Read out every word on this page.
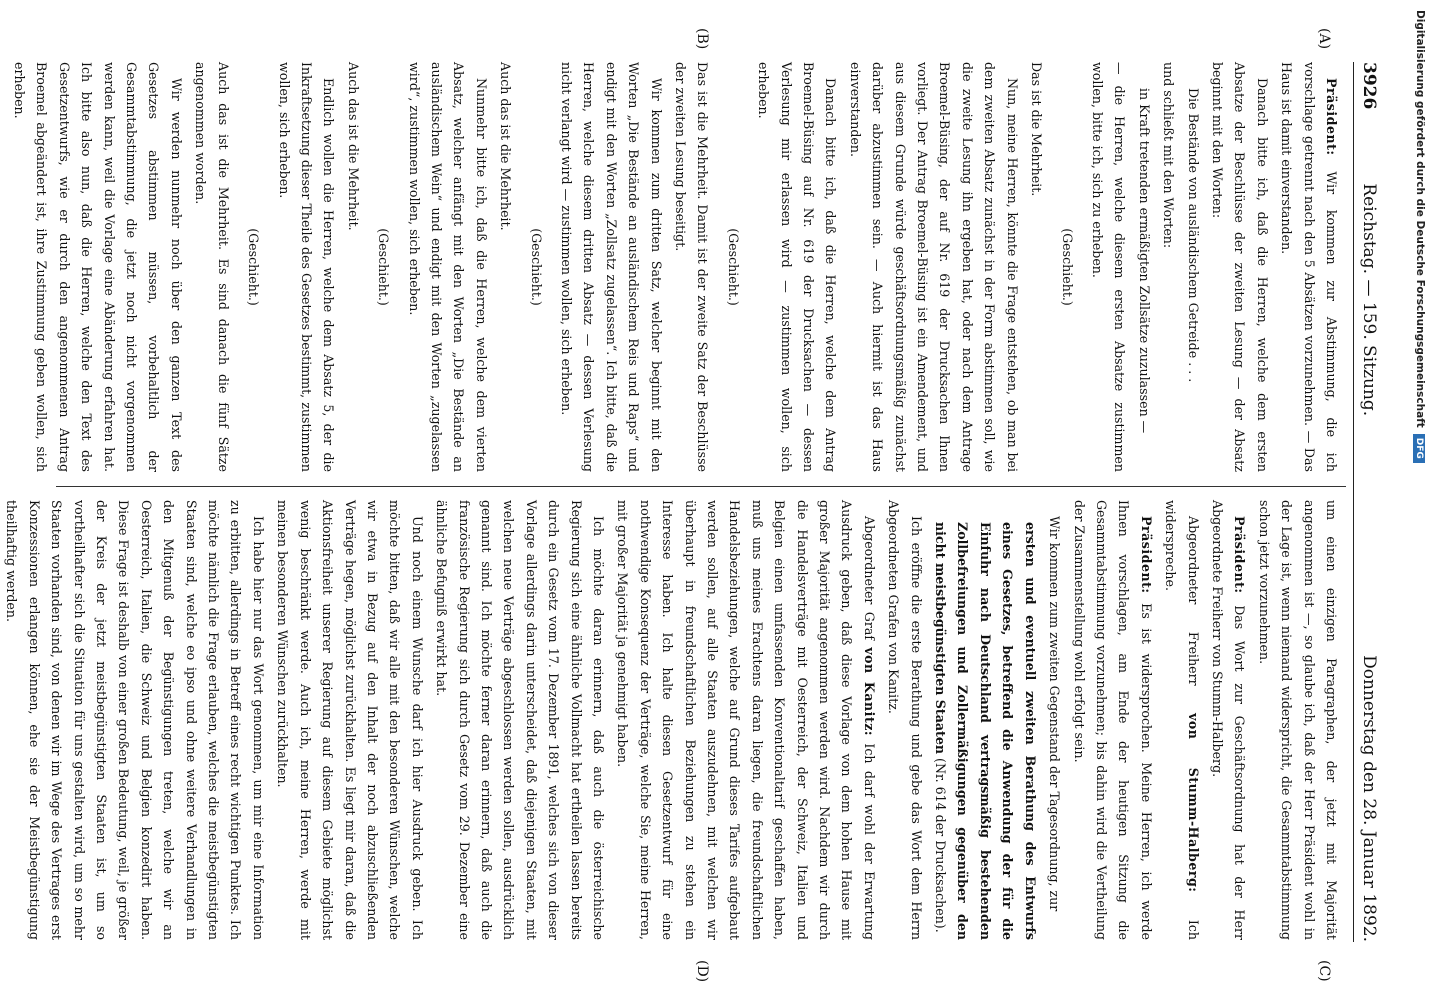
3926
Reichstag. — 159. Sitzung.
Donnerstag den 28. Januar 1892.
(A)
(B)
(C)
(D)

Präsident: Wir kommen zur Abstimmung, die ich vorschlage getrennt nach den 5 Absätzen vorzunehmen. — Das Haus ist damit einverstanden.

Danach bitte ich, daß die Herren, welche dem ersten Absatze der Beschlüsse der zweiten Lesung — der Absatz beginnt mit den Worten:

Die Bestände von ausländischem Getreide . . .

und schließt mit den Worten:

in Kraft tretenden ermäßigten Zollsätze zuzulassen —

— die Herren, welche diesem ersten Absatze zustimmen wollen, bitte ich, sich zu erheben.

(Geschieht.)

Das ist die Mehrheit.

Nun, meine Herren, könnte die Frage entstehen, ob man bei dem zweiten Absatz zunächst in der Form abstimmen soll, wie die zweite Lesung ihn ergeben hat, oder nach dem Antrage Broemel-Büsing, der auf Nr. 619 der Drucksachen Ihnen vorliegt. Der Antrag Broemel-Büsing ist ein Amendement, und aus diesem Grunde würde geschäftsordnungsmäßig zunächst darüber abzustimmen sein. — Auch hiermit ist das Haus einverstanden.

Danach bitte ich, daß die Herren, welche dem Antrag Broemel-Büsing auf Nr. 619 der Drucksachen — dessen Verlesung mir erlassen wird — zustimmen wollen, sich erheben.

(Geschieht.)

Das ist die Mehrheit. Damit ist der zweite Satz der Beschlüsse der zweiten Lesung beseitigt.

Wir kommen zum dritten Satz, welcher beginnt mit den Worten „Die Bestände an ausländischem Reis und Raps“ und endigt mit den Worten „Zollsatz zugelassen“. Ich bitte, daß die Herren, welche diesem dritten Absatz — dessen Verlesung nicht verlangt wird — zustimmen wollen, sich erheben.

(Geschieht.)

Auch das ist die Mehrheit.

Nunmehr bitte ich, daß die Herren, welche dem vierten Absatz, welcher anfängt mit den Worten „Die Bestände an ausländischem Wein“ und endigt mit den Worten „zugelassen wird“, zustimmen wollen, sich erheben.

(Geschieht.)

Auch das ist die Mehrheit.

Endlich wollen die Herren, welche dem Absatz 5, der die Inkraftsetzung dieser Theile des Gesetzes bestimmt, zustimmen wollen, sich erheben.

(Geschieht.)

Auch das ist die Mehrheit. Es sind danach die fünf Sätze angenommen worden.

Wir werden nunmehr noch über den ganzen Text des Gesetzes abstimmen müssen, vorbehaltlich der Gesammtabstimmung, die jetzt noch nicht vorgenommen werden kann, weil die Vorlage eine Abänderung erfahren hat. Ich bitte also nun, daß die Herren, welche den Text des Gesetzentwurfs, wie er durch den angenommenen Antrag Broemel abgeändert ist, ihre Zustimmung geben wollen, sich erheben.

um einen einzigen Paragraphen, der jetzt mit Majorität angenommen ist —, so glaube ich, daß der Herr Präsident wohl in der Lage ist, wenn niemand widerspricht, die Gesammtabstimmung schon jetzt vorzunehmen.

Präsident: Das Wort zur Geschäftsordnung hat der Herr Abgeordnete Freiherr von Stumm-Halberg.

Abgeordneter Freiherr von Stumm-Halberg: Ich widerspreche.

Präsident: Es ist widersprochen. Meine Herren, ich werde Ihnen vorschlagen, am Ende der heutigen Sitzung die Gesammtabstimmung vorzunehmen; bis dahin wird die Vertheilung der Zusammenstellung wohl erfolgt sein.

Wir kommen zum zweiten Gegenstand der Tagesordnung, zur

ersten und eventuell zweiten Berathung des Entwurfs eines Gesetzes, betreffend die Anwendung der für die Einfuhr nach Deutschland vertragsmäßig bestehenden Zollbefreiungen und Zollermäßigungen gegenüber den nicht meistbegünstigten Staaten (Nr. 614 der Drucksachen).

Ich eröffne die erste Berathung und gebe das Wort dem Herrn Abgeordneten Grafen von Kanitz.

Abgeordneter Graf von Kanitz: Ich darf wohl der Erwartung Ausdruck geben, daß diese Vorlage von dem hohen Hause mit großer Majorität angenommen werden wird. Nachdem wir durch die Handelsverträge mit Oesterreich, der Schweiz, Italien und Belgien einen umfassenden Konventionaltarif geschaffen haben, muß uns meines Erachtens daran liegen, die freundschaftlichen Handelsbeziehungen, welche auf Grund dieses Tarifes aufgebaut werden sollen, auf alle Staaten auszudehnen, mit welchen wir überhaupt in freundschaftlichen Beziehungen zu stehen ein Interesse haben. Ich halte diesen Gesetzentwurf für eine nothwendige Konsequenz der Verträge, welche Sie, meine Herren, mit großer Majorität ja genehmigt haben.

Ich möchte daran erinnern, daß auch die österreichische Regierung sich eine ähnliche Vollmacht hat ertheilen lassen bereits durch ein Gesetz vom 17. Dezember 1891, welches sich von dieser Vorlage allerdings darin unterscheidet, daß diejenigen Staaten, mit welchen neue Verträge abgeschlossen werden sollen, ausdrücklich genannt sind. Ich möchte ferner daran erinnern, daß auch die französische Regierung sich durch Gesetz vom 29. Dezember eine ähnliche Befugniß erwirkt hat.

Und noch einem Wunsche darf ich hier Ausdruck geben. Ich möchte bitten, daß wir alle mit den besonderen Wünschen, welche wir etwa in Bezug auf den Inhalt der noch abzuschließenden Verträge hegen, möglichst zurückhalten. Es liegt mir daran, daß die Aktionsfreiheit unserer Regierung auf diesem Gebiete möglichst wenig beschränkt werde. Auch ich, meine Herren, werde mit meinen besonderen Wünschen zurückhalten.

Ich habe hier nur das Wort genommen, um mir eine Information zu erbitten, allerdings in Betreff eines recht wichtigen Punktes. Ich möchte nämlich die Frage erlauben, welches die meistbegünstigten Staaten sind, welche eo ipso und ohne weitere Verhandlungen in den Mitgenuß der Begünstigungen treten, welche wir an Oesterreich, Italien, die Schweiz und Belgien konzedirt haben. Diese Frage ist deshalb von einer großen Bedeutung, weil, je größer der Kreis der jetzt meistbegünstigten Staaten ist, um so vortheilhafter sich die Situation für uns gestalten wird, um so mehr Staaten vorhanden sind, von denen wir im Wege des Vertrages erst Konzessionen erlangen können, ehe sie der Meistbegünstigung theilhaftig werden.

Digitalisierung gefördert durch die Deutsche ForschungsgemeinschaftDFG
